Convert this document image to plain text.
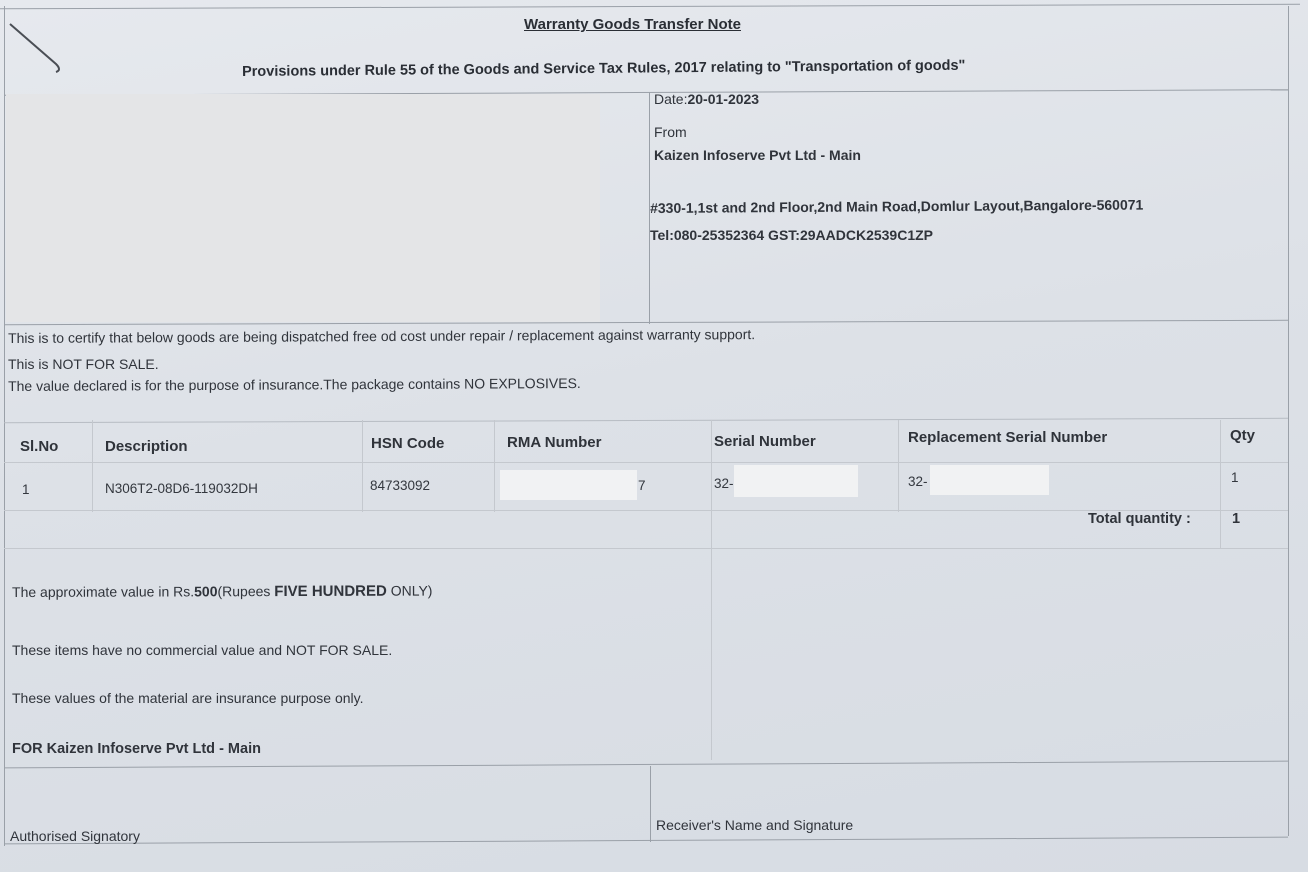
Warranty Goods Transfer Note
Provisions under Rule 55 of the Goods and Service Tax Rules, 2017 relating to "Transportation of goods"
Date:20-01-2023
From
Kaizen Infoserve Pvt Ltd - Main
#330-1,1st and 2nd Floor,2nd Main Road,Domlur Layout,Bangalore-560071
Tel:080-25352364 GST:29AADCK2539C1ZP
This is to certify that below goods are being dispatched free od cost under repair / replacement against warranty support.
This is NOT FOR SALE.
The value declared is for the purpose of insurance.The package contains NO EXPLOSIVES.
Sl.No	Description	HSN Code	RMA Number	Serial Number	Replacement Serial Number	Qty
1	N306T2-08D6-119032DH	84733092	7	32-	32-	1
Total quantity :	1
The approximate value in Rs.500(Rupees FIVE HUNDRED ONLY)
These items have no commercial value and NOT FOR SALE.
These values of the material are insurance purpose only.
FOR Kaizen Infoserve Pvt Ltd - Main
Authorised Signatory
Receiver's Name and Signature
